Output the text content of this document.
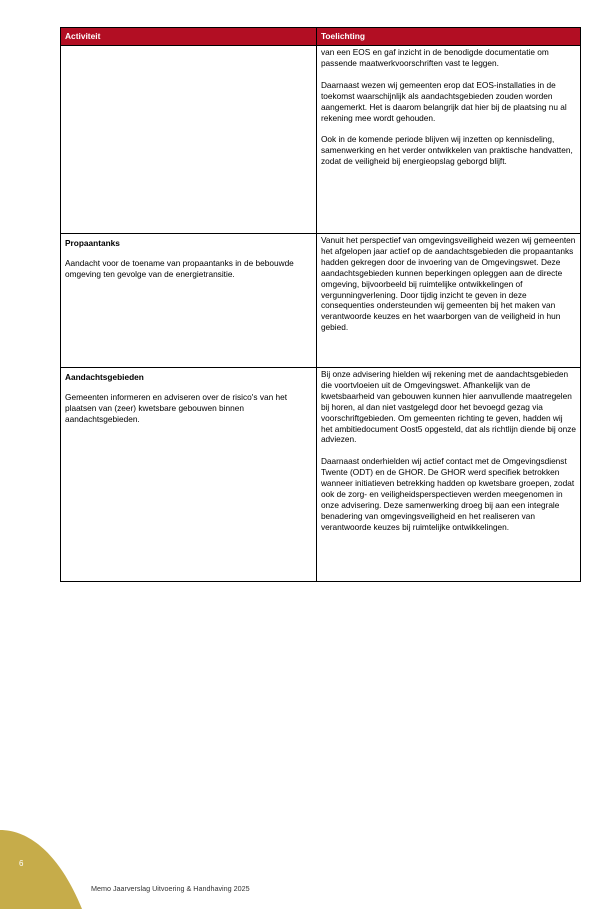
Activiteit	Toelichting

	van een EOS en gaf inzicht in de benodigde documentatie om passende maatwerkvoorschriften vast te leggen.
Daarnaast wezen wij gemeenten erop dat EOS-installaties in de toekomst waarschijnlijk als aandachtsgebieden zouden worden aangemerkt. Het is daarom belangrijk dat hier bij de plaatsing nu al rekening mee wordt gehouden.
Ook in de komende periode blijven wij inzetten op kennisdeling, samenwerking en het verder ontwikkelen van praktische handvatten, zodat de veiligheid bij energieopslag geborgd blijft.

Propaantanks
Aandacht voor de toename van propaantanks in de bebouwde omgeving ten gevolge van de energietransitie.	Vanuit het perspectief van omgevingsveiligheid wezen wij gemeenten het afgelopen jaar actief op de aandachtsgebieden die propaantanks hadden gekregen door de invoering van de Omgevingswet. Deze aandachtsgebieden kunnen beperkingen opleggen aan de directe omgeving, bijvoorbeeld bij ruimtelijke ontwikkelingen of vergunningverlening. Door tijdig inzicht te geven in deze consequenties ondersteunden wij gemeenten bij het maken van verantwoorde keuzes en het waarborgen van de veiligheid in hun gebied.

Aandachtsgebieden
Gemeenten informeren en adviseren over de risico's van het plaatsen van (zeer) kwetsbare gebouwen binnen aandachtsgebieden.	Bij onze advisering hielden wij rekening met de aandachtsgebieden die voortvloeien uit de Omgevingswet. Afhankelijk van de kwetsbaarheid van gebouwen kunnen hier aanvullende maatregelen bij horen, al dan niet vastgelegd door het bevoegd gezag via voorschriftgebieden. Om gemeenten richting te geven, hadden wij het ambitiedocument Oost5 opgesteld, dat als richtlijn diende bij onze adviezen.
Daarnaast onderhielden wij actief contact met de Omgevingsdienst Twente (ODT) en de GHOR. De GHOR werd specifiek betrokken wanneer initiatieven betrekking hadden op kwetsbare groepen, zodat ook de zorg- en veiligheidsperspectieven werden meegenomen in onze advisering. Deze samenwerking droeg bij aan een integrale benadering van omgevingsveiligheid en het realiseren van verantwoorde keuzes bij ruimtelijke ontwikkelingen.
6
Memo Jaarverslag Uitvoering & Handhaving 2025
